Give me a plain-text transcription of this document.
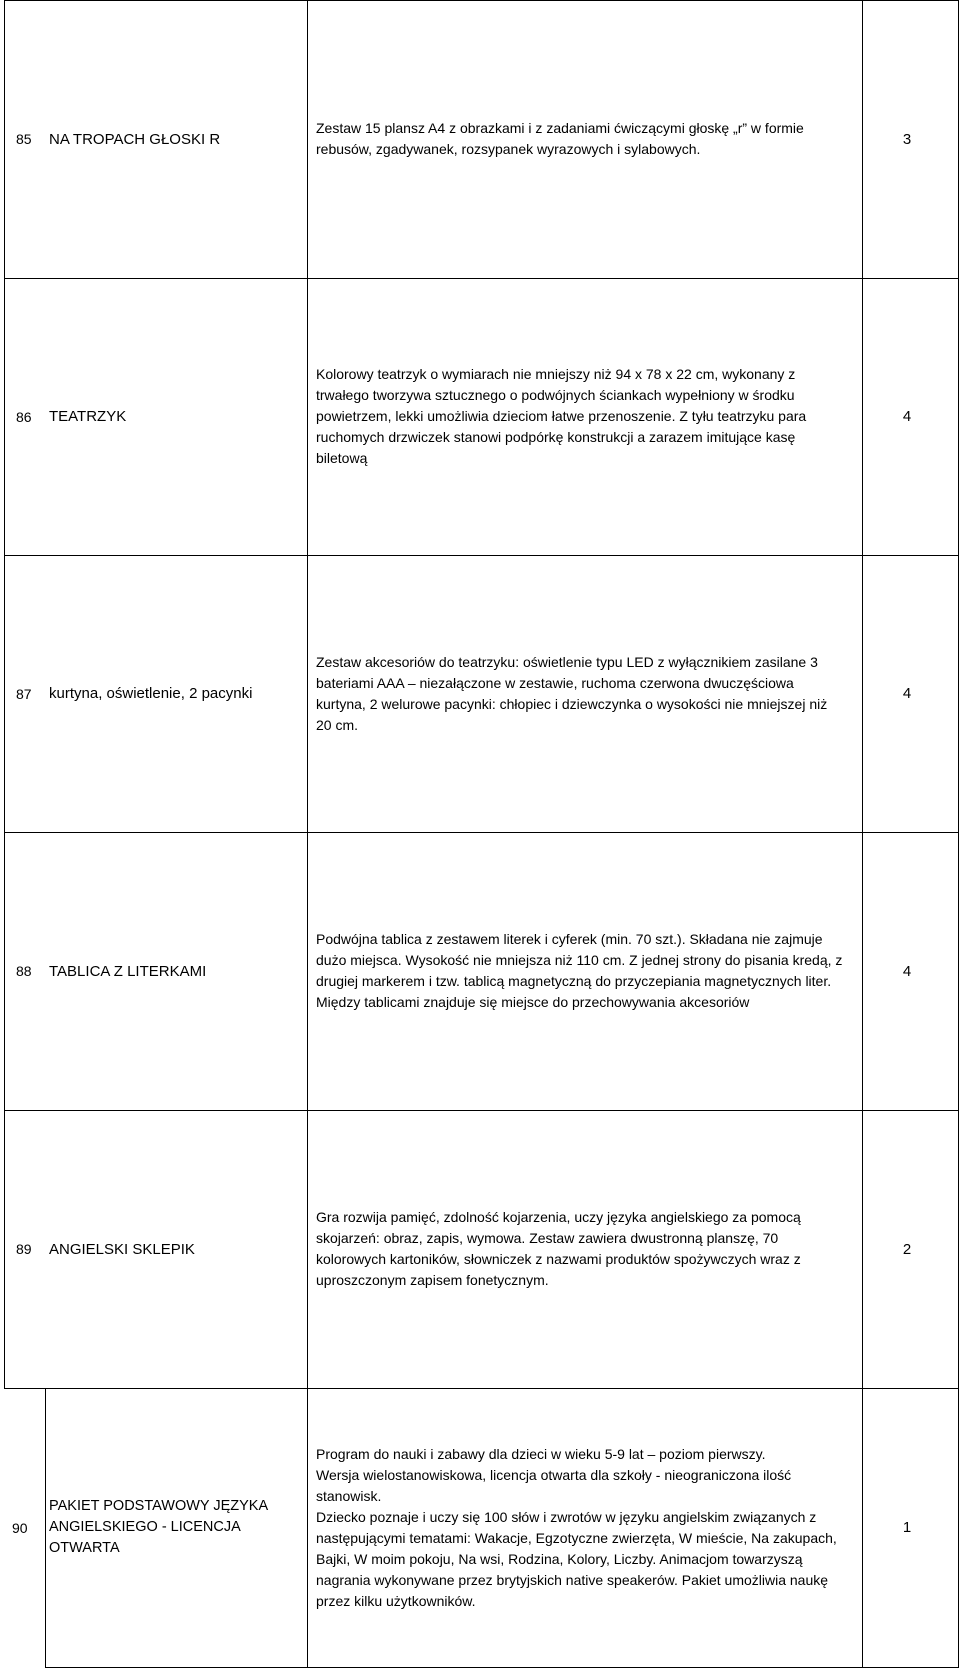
85 NA TROPACH GŁOSKI R
Zestaw 15 plansz A4 z obrazkami i z zadaniami ćwiczącymi głoskę „r” w formie
rebusów, zgadywanek, rozsypanek wyrazowych i sylabowych.
3
86 TEATRZYK
Kolorowy teatrzyk o wymiarach nie mniejszy niż 94 x 78 x 22 cm, wykonany z
trwałego tworzywa sztucznego o podwójnych ściankach wypełniony w środku
powietrzem, lekki umożliwia dzieciom łatwe przenoszenie. Z tyłu teatrzyku para
ruchomych drzwiczek stanowi podpórkę konstrukcji a zarazem imitujące kasę
biletową
4
87 kurtyna, oświetlenie, 2 pacynki
Zestaw akcesoriów do teatrzyku: oświetlenie typu LED z wyłącznikiem zasilane 3
bateriami AAA – niezałączone w zestawie, ruchoma czerwona dwuczęściowa
kurtyna, 2 welurowe pacynki: chłopiec i dziewczynka o wysokości nie mniejszej niż
20 cm.
4
88 TABLICA Z LITERKAMI
Podwójna tablica z zestawem literek i cyferek (min. 70 szt.). Składana nie zajmuje
dużo miejsca. Wysokość nie mniejsza niż 110 cm. Z jednej strony do pisania kredą, z
drugiej markerem i tzw. tablicą magnetyczną do przyczepiania magnetycznych liter.
Między tablicami znajduje się miejsce do przechowywania akcesoriów
4
89 ANGIELSKI SKLEPIK
Gra rozwija pamięć, zdolność kojarzenia, uczy języka angielskiego za pomocą
skojarzeń: obraz, zapis, wymowa. Zestaw zawiera dwustronną planszę, 70
kolorowych kartoników, słowniczek z nazwami produktów spożywczych wraz z
uproszczonym zapisem fonetycznym.
2
90
PAKIET PODSTAWOWY JĘZYKA
ANGIELSKIEGO - LICENCJA OTWARTA
Program do nauki i zabawy dla dzieci w wieku 5-9 lat – poziom pierwszy.
Wersja wielostanowiskowa, licencja otwarta dla szkoły - nieograniczona ilość
stanowisk.
Dziecko poznaje i uczy się 100 słów i zwrotów w języku angielskim związanych z
następującymi tematami: Wakacje, Egzotyczne zwierzęta, W mieście, Na zakupach,
Bajki, W moim pokoju, Na wsi, Rodzina, Kolory, Liczby. Animacjom towarzyszą
nagrania wykonywane przez brytyjskich native speakerów. Pakiet umożliwia naukę
przez kilku użytkowników.
1
